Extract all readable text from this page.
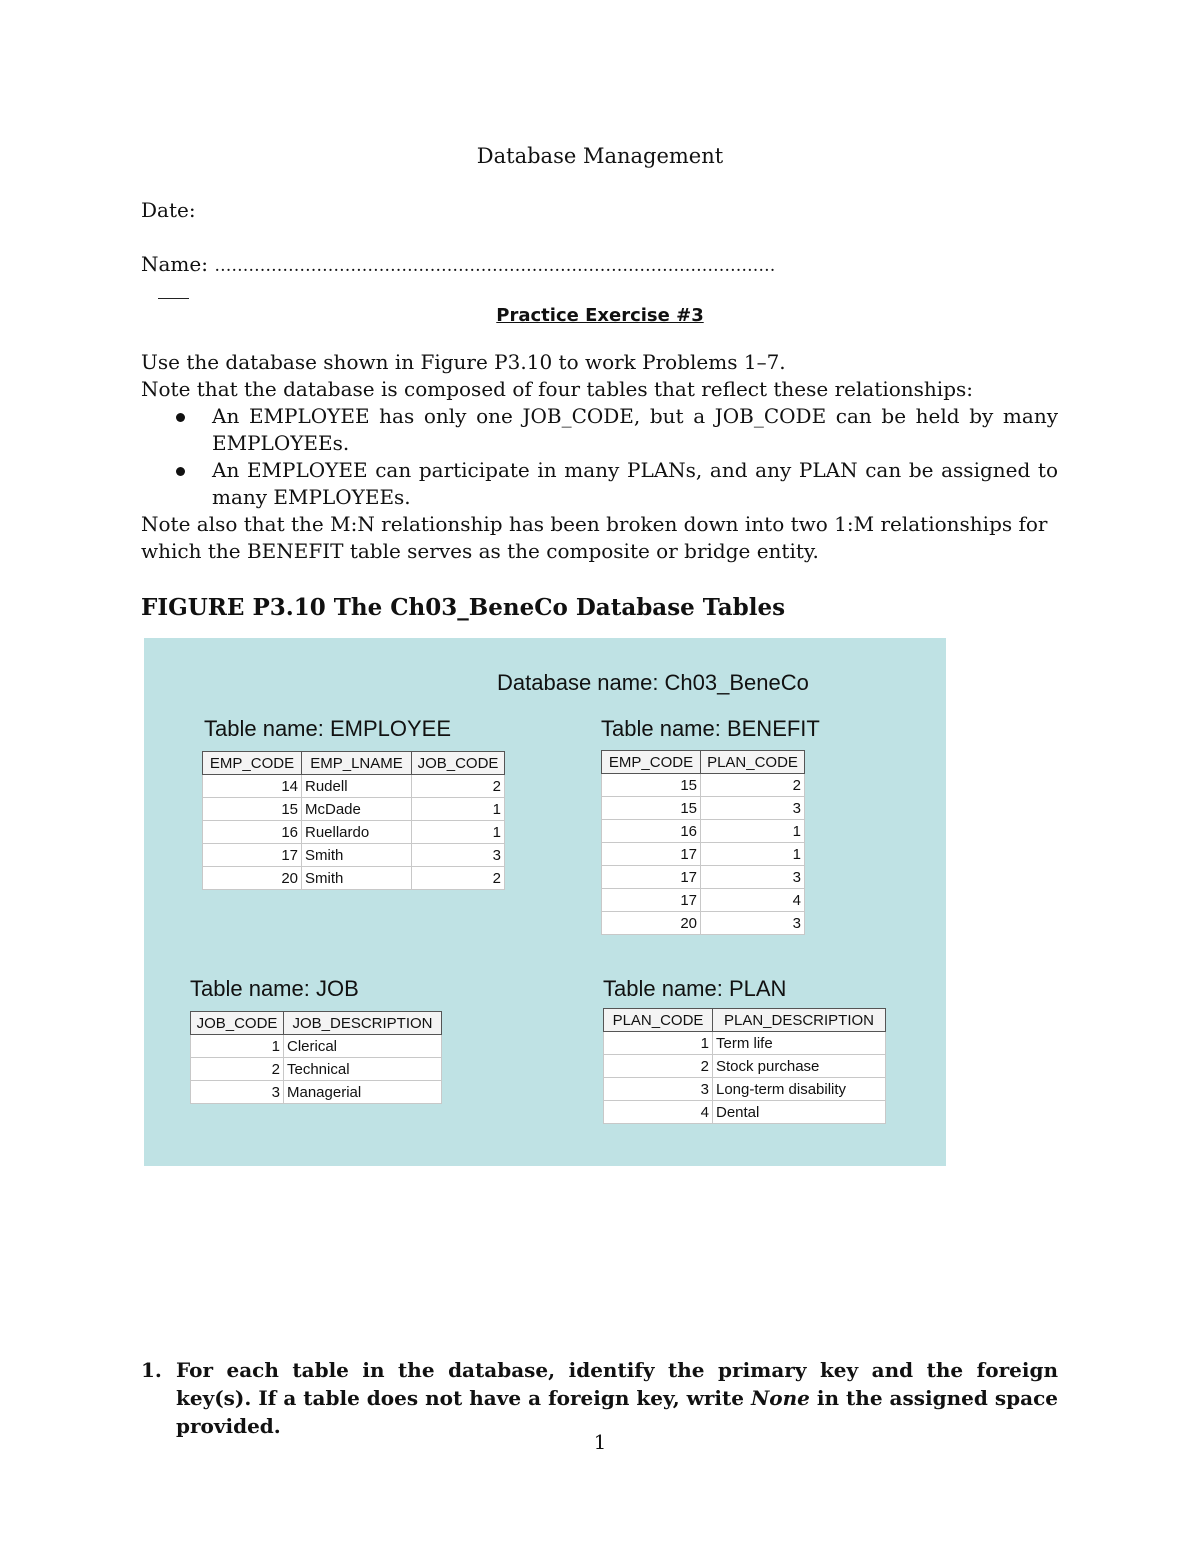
Database Management
Date:
Name: ………………………………………………………………………………………
Practice Exercise #3
Use the database shown in Figure P3.10 to work Problems 1–7.
Note that the database is composed of four tables that reflect these relationships:
An EMPLOYEE has only one JOB_CODE, but a JOB_CODE can be held by many EMPLOYEEs.
An EMPLOYEE can participate in many PLANs, and any PLAN can be assigned to many EMPLOYEEs.
Note also that the M:N relationship has been broken down into two 1:M relationships for which the BENEFIT table serves as the composite or bridge entity.
FIGURE P3.10 The Ch03_BeneCo Database Tables
Database name: Ch03_BeneCo
Table name: EMPLOYEE
EMP_CODE	EMP_LNAME	JOB_CODE
14	Rudell	2
15	McDade	1
16	Ruellardo	1
17	Smith	3
20	Smith	2
Table name: BENEFIT
EMP_CODE	PLAN_CODE
15	2
15	3
16	1
17	1
17	3
17	4
20	3
Table name: JOB
JOB_CODE	JOB_DESCRIPTION
1	Clerical
2	Technical
3	Managerial
Table name: PLAN
PLAN_CODE	PLAN_DESCRIPTION
1	Term life
2	Stock purchase
3	Long-term disability
4	Dental
1. For each table in the database, identify the primary key and the foreign key(s). If a table does not have a foreign key, write None in the assigned space provided.
1
